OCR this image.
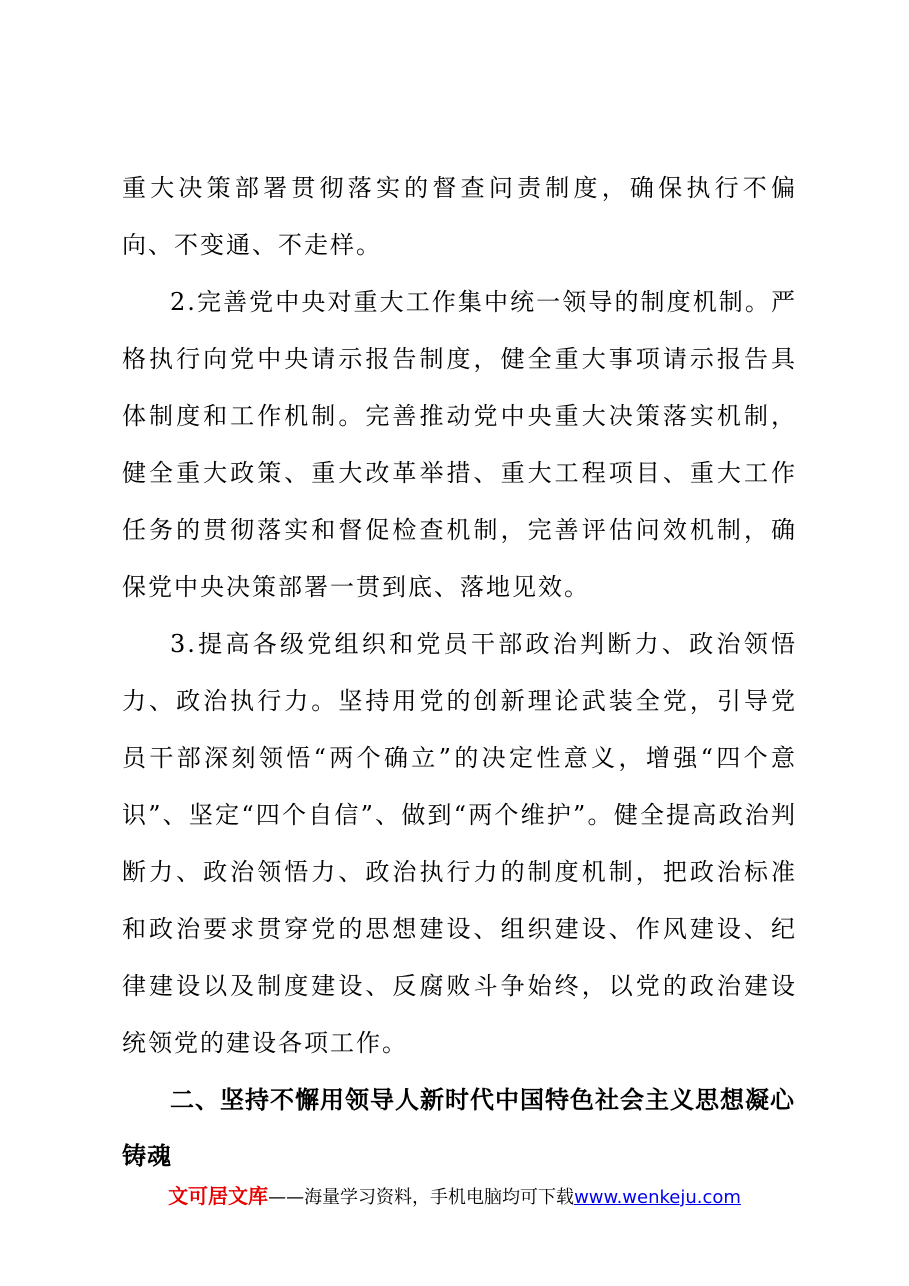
重大决策部署贯彻落实的督查问责制度，确保执行不偏向、不变通、不走样。

2.完善党中央对重大工作集中统一领导的制度机制。严格执行向党中央请示报告制度，健全重大事项请示报告具体制度和工作机制。完善推动党中央重大决策落实机制，健全重大政策、重大改革举措、重大工程项目、重大工作任务的贯彻落实和督促检查机制，完善评估问效机制，确保党中央决策部署一贯到底、落地见效。

3.提高各级党组织和党员干部政治判断力、政治领悟力、政治执行力。坚持用党的创新理论武装全党，引导党员干部深刻领悟“两个确立”的决定性意义，增强“四个意识”、坚定“四个自信”、做到“两个维护”。健全提高政治判断力、政治领悟力、政治执行力的制度机制，把政治标准和政治要求贯穿党的思想建设、组织建设、作风建设、纪律建设以及制度建设、反腐败斗争始终，以党的政治建设统领党的建设各项工作。

二、坚持不懈用领导人新时代中国特色社会主义思想凝心铸魂

文可居文库——海量学习资料，手机电脑均可下载www.wenkeju.com
